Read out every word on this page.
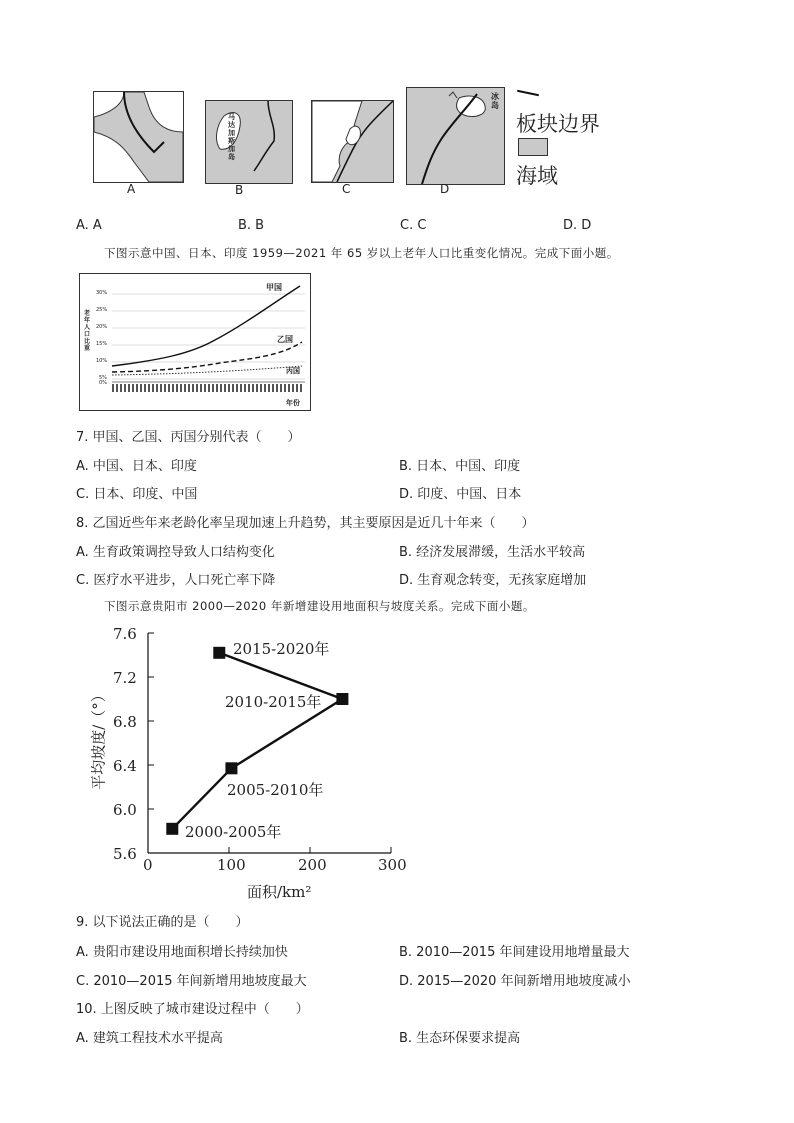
马达加斯加岛
冰岛
A	B	C	D
板块边界
海域
A. A	B. B	C. C	D. D
下图示意中国、日本、印度 1959—2021 年 65 岁以上老年人口比重变化情况。完成下面小题。
30%
25%
20%
15%
10%
5%
0%
老年人口比重
甲国
乙国
丙国
年份
7. 甲国、乙国、丙国分别代表（　　）
A. 中国、日本、印度	B. 日本、中国、印度
C. 日本、印度、中国	D. 印度、中国、日本
8. 乙国近些年来老龄化率呈现加速上升趋势，其主要原因是近几十年来（　　）
A. 生育政策调控导致人口结构变化	B. 经济发展滞缓，生活水平较高
C. 医疗水平进步，人口死亡率下降	D. 生育观念转变，无孩家庭增加
下图示意贵阳市 2000—2020 年新增建设用地面积与坡度关系。完成下面小题。
7.6
7.2
6.8
6.4
6.0
5.6
0	100	200	300
面积/km²
平均坡度/（°）
2015-2020年
2010-2015年
2005-2010年
2000-2005年
9. 以下说法正确的是（　　）
A. 贵阳市建设用地面积增长持续加快	B. 2010—2015 年间建设用地增量最大
C. 2010—2015 年间新增用地坡度最大	D. 2015—2020 年间新增用地坡度减小
10. 上图反映了城市建设过程中（　　）
A. 建筑工程技术水平提高	B. 生态环保要求提高
